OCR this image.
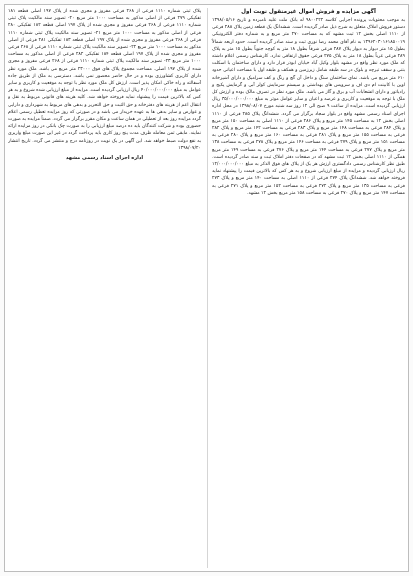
آگهی مزایده و فروش اموال غیرمنقول نوبت اول
به موجب محتویات پرونده اجرایی کلاسه ۹۸۰۰۲۲۲ له بانک ملت علیه نامبرده و تاریخ ۱۳۹۸/۰۵/۱۶ دستور فروش املاک متعلق به شرح ذیل صادر گردیده است. ششدانگ یک قطعه زمین پلاک ۲۸۸ فرعی از ۱۱۱۰ اصلی بخش ۱۲ ثبت مشهد که به مساحت ۲۷۰ متر مربع و به شماره دفتر الکترونیکی ۱۳۹۶۲۰۳۰۱۶۱۸۵۰۰۱۹ به نام آقای محمد رضا نوری ثبت و سند صادر گردیده است. حدود اربعه شمالاً بطول ۱۵ متر دیوار به دیوار پلاک ۲۸۷ فرعی شرقاً بطول ۱۸ متر به کوچه جنوباً بطول ۱۵ متر به پلاک ۲۸۹ فرعی غرباً بطول ۱۸ متر به پلاک ۲۷۵ فرعی حقوق ارتفاقی ندارد. کارشناس رسمی اعلام داشته که ملک مورد نظر واقع در مشهد بلوار وکیل آباد خیابان ابوذر قرار دارد و دارای ساختمان با اسکلت بتنی و سقف تیرچه و بلوک در سه طبقه شامل زیرزمین و همکف و طبقه اول با مساحت اعیانی حدود ۶۱۰ متر مربع می باشد. نمای ساختمان سنگ و داخل آن گچ و رنگ و کف سرامیک و دارای آشپزخانه اوپن با کابینت ام دی اف و سرویس های بهداشتی و سیستم سرمایش کولر آبی و گرمایش پکیج و رادیاتور و دارای انشعابات آب و برق و گاز می باشد. ملک مورد نظر در تصرف مالک بوده و ارزش کل ملک با توجه به موقعیت و کاربری و عرصه و اعیان و سایر عوامل موثر به مبلغ ۳۵/۰۰۰/۰۰۰/۰۰۰ ریال ارزیابی گردیده است. مزایده از ساعت ۹ صبح الی ۱۲ روز سه شنبه مورخ ۱۳۹۸/۰۸/۰۷ در محل اداره اجرای اسناد رسمی مشهد واقع در بلوار سجاد برگزار می گردد. ششدانگ پلاک ۲۸۵ فرعی از ۱۱۱۰ اصلی بخش ۱۲ به مساحت ۱۴۵ متر مربع و پلاک ۲۸۶ فرعی از ۱۱۱۰ اصلی به مساحت ۱۵۰ متر مربع و پلاک ۲۸۴ فرعی به مساحت ۱۴۸ متر مربع و پلاک ۲۸۳ فرعی به مساحت ۱۴۲ متر مربع و پلاک ۲۸۲ فرعی به مساحت ۱۵۵ متر مربع و پلاک ۲۸۱ فرعی به مساحت ۱۶۰ متر مربع و پلاک ۲۸۰ فرعی به مساحت ۱۵۱ متر مربع و پلاک ۲۷۹ فرعی به مساحت ۱۴۶ متر مربع و پلاک ۲۷۸ فرعی به مساحت ۱۳۸ متر مربع و پلاک ۲۷۷ فرعی به مساحت ۱۴۴ متر مربع و پلاک ۲۷۶ فرعی به مساحت ۱۴۹ متر مربع همگی از ۱۱۱۰ اصلی بخش ۱۲ ثبت مشهد که در صفحات دفتر املاک ثبت و سند صادر گردیده است. طبق نظر کارشناس رسمی دادگستری ارزش هر یک از پلاک های فوق الذکر به مبلغ ۱۲/۰۰۰/۰۰۰/۰۰۰ ریال ارزیابی گردیده و مزایده از مبلغ ارزیابی شروع و به هر کس که بالاترین قیمت را پیشنهاد نماید فروخته خواهد شد. ششدانگ پلاک ۲۷۴ فرعی از ۱۱۱۰ اصلی به مساحت ۱۴۰ متر مربع و پلاک ۲۷۳ فرعی به مساحت ۱۳۵ متر مربع و پلاک ۲۷۲ فرعی به مساحت ۱۵۲ متر مربع و پلاک ۲۷۱ فرعی به مساحت ۱۴۷ متر مربع و پلاک ۲۷۰ فرعی به مساحت ۱۵۸ متر مربع بخش ۱۲ مشهد.
پلاک ثبتی شماره ۱۱۱۰ فرعی از ۲۶۸ فرعی مفروز و مجزی شده از پلاک ۱۹۷ اصلی قطعه ۱۸۱ تفکیکی ۲۷۹ فرعی از اصلی مذکور به مساحت ۱۰۰۰ متر مربع ۲۰- تصویر سند مالکیت پلاک ثبتی شماره ۱۱۱۰ فرعی از ۲۶۸ فرعی مفروز و مجزی شده از پلاک ۱۹۷ اصلی قطعه ۱۸۲ تفکیکی ۲۸۰ فرعی از اصلی مذکور به مساحت ۱۰۰۰ متر مربع ۲۱- تصویر سند مالکیت پلاک ثبتی شماره ۱۱۱۰ فرعی از ۲۶۸ فرعی مفروز و مجزی شده از پلاک ۱۹۷ اصلی قطعه ۱۸۳ تفکیکی ۲۸۱ فرعی از اصلی مذکور به مساحت ۱۰۰۰ متر مربع ۲۲- تصویر سند مالکیت پلاک ثبتی شماره ۱۱۱۰ فرعی از ۲۶۸ فرعی مفروز و مجزی شده از پلاک ۱۹۷ اصلی قطعه ۱۸۴ تفکیکی ۲۸۲ فرعی از اصلی مذکور به مساحت ۱۰۰۰ متر مربع ۲۳- تصویر سند مالکیت پلاک ثبتی شماره ۱۱۱۰ فرعی از ۲۶۸ فرعی مفروز و مجزی شده از پلاک ۱۹۷ اصلی. مساحت مجموع پلاک های فوق ۲۳۰۰۰ متر مربع می باشد. ملک مورد نظر دارای کاربری کشاورزی بوده و در حال حاضر محصور نمی باشد. دسترسی به ملک از طریق جاده آسفالته و راه خاکی امکان پذیر است. ارزش کل ملک مورد نظر با توجه به موقعیت و کاربری و سایر عوامل به مبلغ ۴۰/۰۰۰/۰۰۰/۰۰۰ ریال ارزیابی گردیده است. مزایده از مبلغ ارزیابی شده شروع و به هر کس که بالاترین قیمت را پیشنهاد نماید فروخته خواهد شد. کلیه هزینه های قانونی مربوط به نقل و انتقال اعم از هزینه های دفترخانه و حق الثبت و حق التحریر و بدهی های مربوط به شهرداری و دارایی و عوارض و سایر بدهی ها به عهده خریدار می باشد و در صورتی که روز مزایده تعطیل رسمی اعلام گردد مزایده روز بعد از تعطیلی در همان ساعت و مکان مقرر برگزار می گردد. ضمناً مزایده به صورت حضوری بوده و شرکت کنندگان باید ده درصد مبلغ ارزیابی را به صورت چک بانکی در روز مزایده ارائه نمایند. مابقی ثمن معامله ظرف مدت پنج روز کاری باید پرداخت گردد در غیر این صورت مبلغ واریزی به نفع دولت ضبط خواهد شد. این آگهی در یک نوبت در روزنامه درج و منتشر می گردد. تاریخ انتشار ۱۳۹۸/۰۷/۲۰
اداره اجرای اسناد رسمی مشهد
